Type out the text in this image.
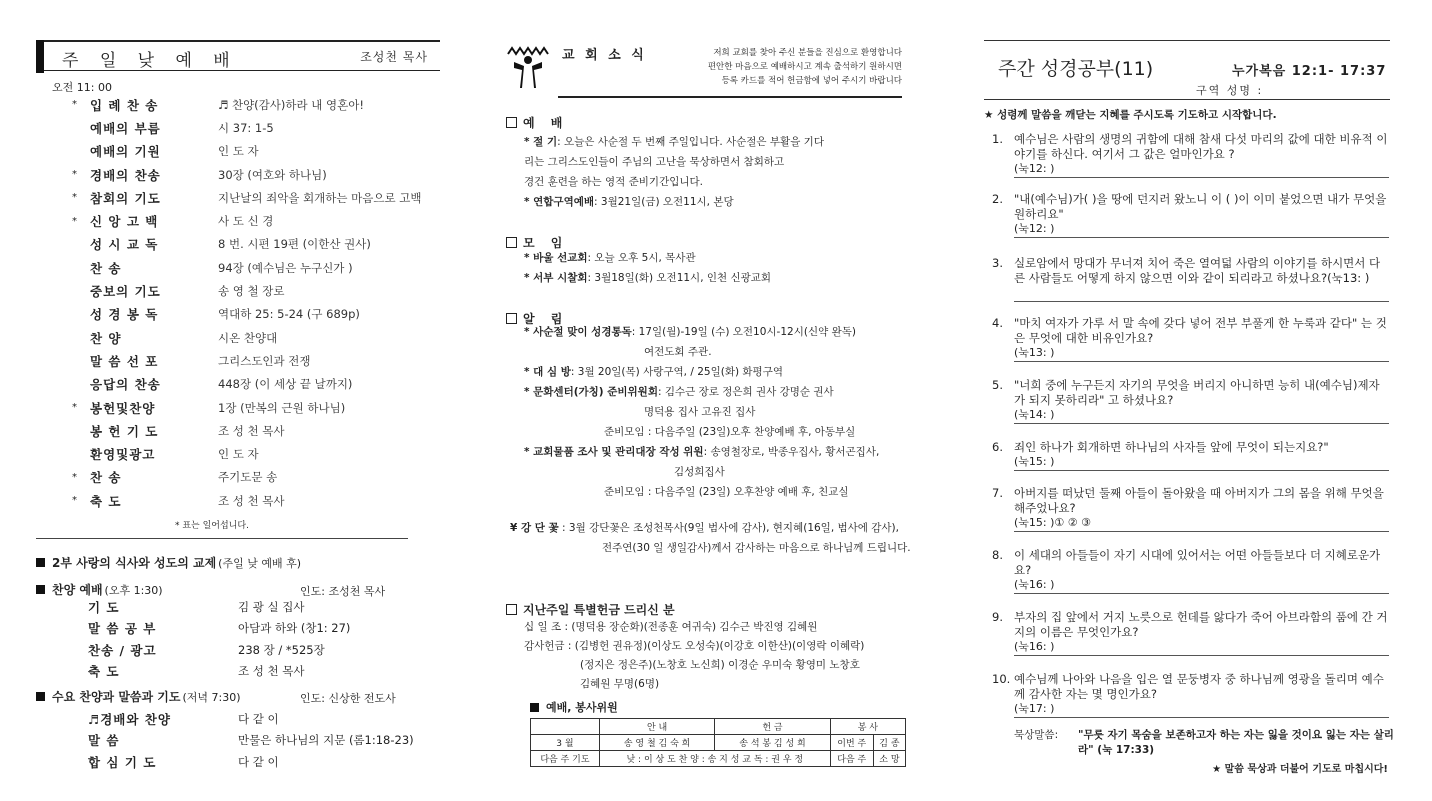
주 일 낮 예 배	조성천 목사
오전 11: 00
*	입 례 찬 송	♬ 찬양(감사)하라 내 영혼아!
예배의 부름	시 37: 1-5
예배의 기원	인 도 자
*	경배의 찬송	30장 (여호와 하나님)
*	참회의 기도	지난날의 죄악을 회개하는 마음으로 고백
*	신 앙 고 백	사 도 신 경
성 시 교 독	8 번. 시편 19편 (이한산 권사)
찬 송	94장 (예수님은 누구신가 )
중보의 기도	송 영 철 장로
성 경 봉 독	역대하 25: 5-24 (구 689p)
찬 양	시온 찬양대
말 씀 선 포	그리스도인과 전쟁
응답의 찬송	448장 (이 세상 끝 날까지)
*	봉헌및찬양	1장 (만복의 근원 하나님)
봉 헌 기 도	조 성 천 목사
환영및광고	인 도 자
*	찬 송	주기도문 송
*	축 도	조 성 천 목사
* 표는 일어섭니다.
2부 사랑의 식사와 성도의 교제 (주일 낮 예배 후)
찬양 예배 (오후 1:30)	인도: 조성천 목사
기 도	김 광 실 집사
말 씀 공 부	아담과 하와 (창1: 27)
찬송 / 광고	238 장 / *525장
축 도	조 성 천 목사
수요 찬양과 말씀과 기도 (저녁 7:30)	인도: 신상한 전도사
♬경배와 찬양	다 같 이
말 씀	만물은 하나님의 지문 (롬1:18-23)
합 심 기 도	다 같 이
교 회 소 식	저희 교회를 찾아 주신 분들을 진심으로 환영합니다
편안한 마음으로 예배하시고 계속 출석하기 원하시면
등록 카드를 적어 헌금함에 넣어 주시기 바랍니다
예 배
* 절 기 : 오늘은 사순절 두 번째 주일입니다. 사순절은 부활을 기다
리는 그리스도인들이 주님의 고난을 묵상하면서 참회하고
경건 훈련을 하는 영적 준비기간입니다.
* 연합구역예배 : 3월21일(금) 오전11시, 본당
모 임
* 바울 선교회 : 오늘 오후 5시, 목사관
* 서부 시찰회 : 3월18일(화) 오전11시, 인천 신광교회
알 림
* 사순절 맞이 성경통독 : 17일(월)-19일 (수) 오전10시-12시(신약 완독)
여전도회 주관.
* 대 심 방 : 3월 20일(목) 사랑구역, / 25일(화) 화평구역
* 문화센터(가칭) 준비위원회 : 김수근 장로 정은희 권사 강명순 권사
명덕용 집사 고유진 집사
준비모임 : 다음주일 (23일)오후 찬양예배 후, 아동부실
* 교회물품 조사 및 관리대장 작성 위원 : 송영철장로, 박종우집사, 황서곤집사,
김성희집사
준비모임 : 다음주일 (23일) 오후찬양 예배 후, 친교실
¥ 강 단 꽃 : 3월 강단꽃은 조성천목사(9일 범사에 감사), 현지혜(16일, 범사에 감사),
전주연(30 일 생일감사)께서 감사하는 마음으로 하나님께 드립니다.
지난주일 특별헌금 드리신 분
십 일 조 : (명덕용 장순화)(전종훈 여귀숙) 김수근 박진영 김혜원
감사헌금 : (김병헌 권유정)(이상도 오성숙)(이강호 이한산)(이영락 이혜락)
(정지은 정은주)(노창호 노신희) 이경순 우미숙 황영미 노창호
김혜원 무명(6명)
예배, 봉사위원
	안 내	헌 금	봉 사	
3 월	송 영 철 김 숙 희	송 석 봉 김 성 희	이번 주	김 종
다음 주 기도	낮 : 이 상 도 찬 양 : 송 지 성 교 독 : 권 우 정		다음 주	소 망
주간 성경공부(11)	누가복음 12:1- 17:37
구역 성명 :
★ 성령께 말씀을 깨닫는 지혜를 주시도록 기도하고 시작합니다.
1. 예수님은 사람의 생명의 귀함에 대해 참새 다섯 마리의 값에 대한 비유적 이야기를 하신다. 여기서 그 값은 얼마인가요 ?
(눅12: )
2. "내(예수님)가( )을 땅에 던지러 왔노니 이 ( )이 이미 붙었으면 내가 무엇을 원하리요"
(눅12: )
3. 실로암에서 망대가 무너져 치어 죽은 열여덟 사람의 이야기를 하시면서 다른 사람들도 어떻게 하지 않으면 이와 같이 되리라고 하셨나요?(눅13: )
4. "마치 여자가 가루 서 말 속에 갖다 넣어 전부 부풀게 한 누룩과 같다" 는 것은 무엇에 대한 비유인가요?
(눅13: )
5. "너희 중에 누구든지 자기의 무엇을 버리지 아니하면 능히 내(예수님)제자가 되지 못하리라" 고 하셨나요?
(눅14: )
6. 죄인 하나가 회개하면 하나님의 사자들 앞에 무엇이 되는지요?"
(눅15: )
7. 아버지를 떠났던 둘째 아들이 돌아왔을 때 아버지가 그의 몸을 위해 무엇을 해주었나요?
(눅15: )① ② ③
8. 이 세대의 아들들이 자기 시대에 있어서는 어떤 아들들보다 더 지혜로운가요?
(눅16: )
9. 부자의 집 앞에서 거지 노릇으로 헌데를 앓다가 죽어 아브라함의 품에 간 거지의 이름은 무엇인가요?
(눅16: )
10. 예수님께 나아와 나음을 입은 열 문둥병자 중 하나님께 영광을 돌리며 예수께 감사한 자는 몇 명인가요?
(눅17: )
묵상말씀:	"무릇 자기 목숨을 보존하고자 하는 자는 잃을 것이요 잃는 자는 살리라" (눅 17:33)
★ 말씀 묵상과 더불어 기도로 마칩시다!
